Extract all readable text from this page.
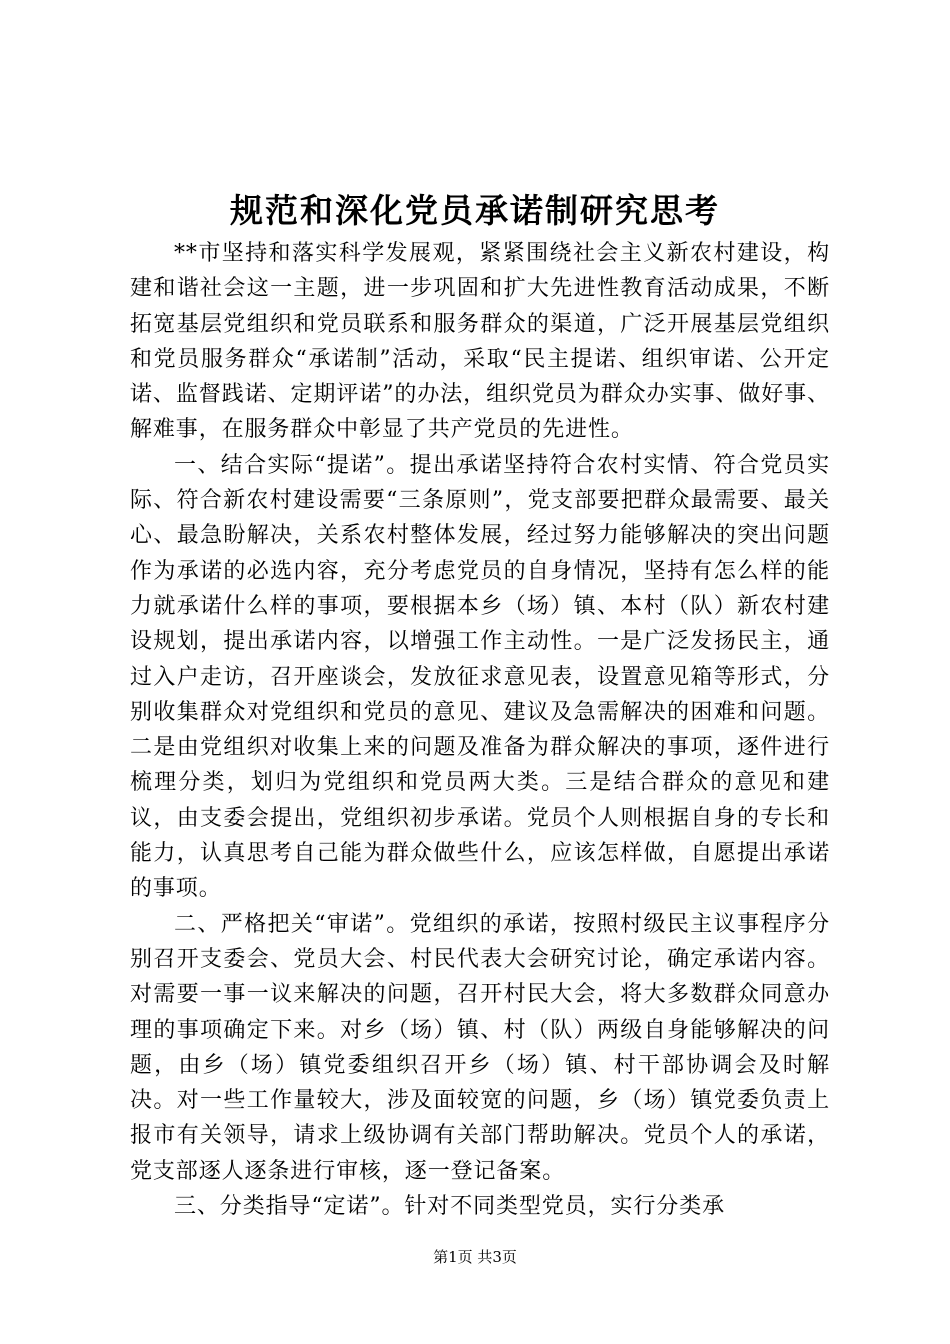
规范和深化党员承诺制研究思考

**市坚持和落实科学发展观，紧紧围绕社会主义新农村建设，构建和谐社会这一主题，进一步巩固和扩大先进性教育活动成果，不断拓宽基层党组织和党员联系和服务群众的渠道，广泛开展基层党组织和党员服务群众“承诺制”活动，采取“民主提诺、组织审诺、公开定诺、监督践诺、定期评诺”的办法，组织党员为群众办实事、做好事、解难事，在服务群众中彰显了共产党员的先进性。

一、结合实际“提诺”。提出承诺坚持符合农村实情、符合党员实际、符合新农村建设需要“三条原则”，党支部要把群众最需要、最关心、最急盼解决，关系农村整体发展，经过努力能够解决的突出问题作为承诺的必选内容，充分考虑党员的自身情况，坚持有怎么样的能力就承诺什么样的事项，要根据本乡（场）镇、本村（队）新农村建设规划，提出承诺内容，以增强工作主动性。一是广泛发扬民主，通过入户走访，召开座谈会，发放征求意见表，设置意见箱等形式，分别收集群众对党组织和党员的意见、建议及急需解决的困难和问题。二是由党组织对收集上来的问题及准备为群众解决的事项，逐件进行梳理分类，划归为党组织和党员两大类。三是结合群众的意见和建议，由支委会提出，党组织初步承诺。党员个人则根据自身的专长和能力，认真思考自己能为群众做些什么，应该怎样做，自愿提出承诺的事项。

二、严格把关“审诺”。党组织的承诺，按照村级民主议事程序分别召开支委会、党员大会、村民代表大会研究讨论，确定承诺内容。对需要一事一议来解决的问题，召开村民大会，将大多数群众同意办理的事项确定下来。对乡（场）镇、村（队）两级自身能够解决的问题，由乡（场）镇党委组织召开乡（场）镇、村干部协调会及时解决。对一些工作量较大，涉及面较宽的问题，乡（场）镇党委负责上报市有关领导，请求上级协调有关部门帮助解决。党员个人的承诺，党支部逐人逐条进行审核，逐一登记备案。

三、分类指导“定诺”。针对不同类型党员，实行分类承

第1页 共3页
